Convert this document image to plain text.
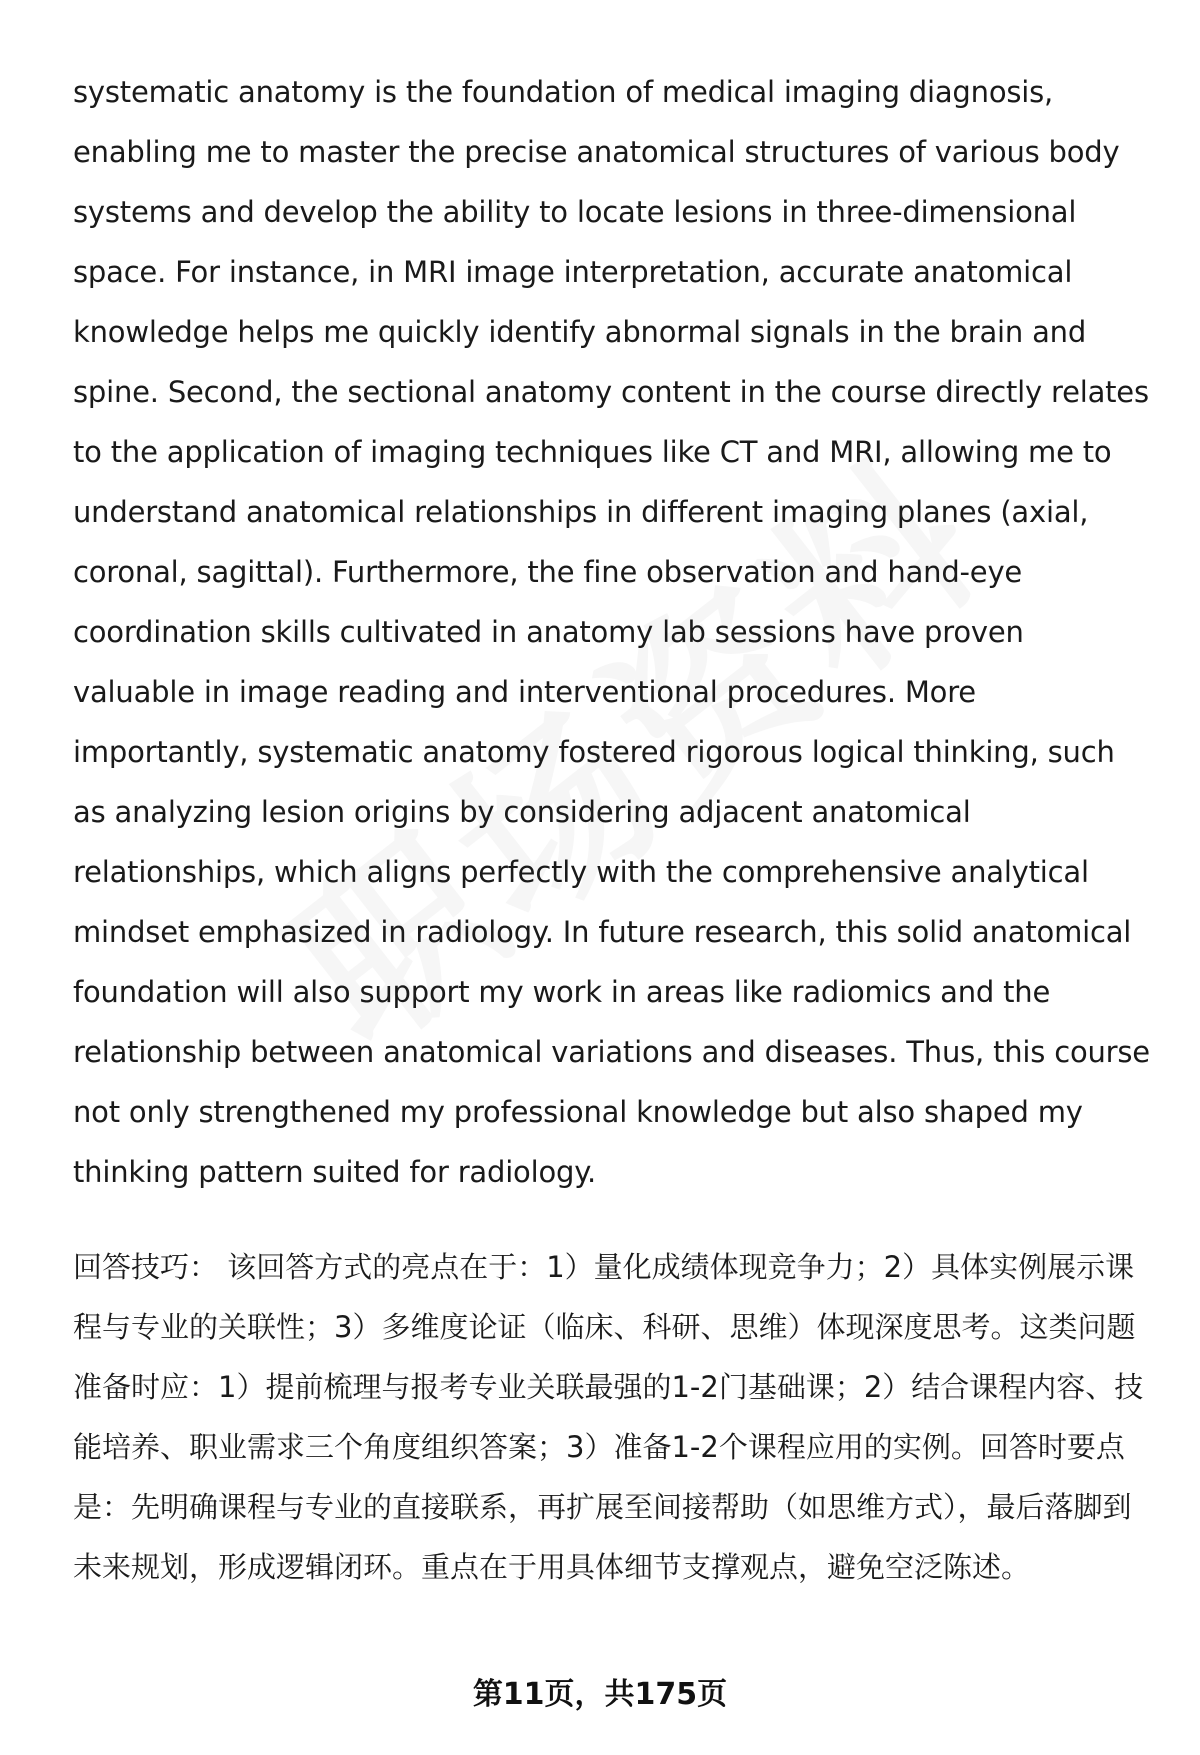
systematic anatomy is the foundation of medical imaging diagnosis, enabling me to master the precise anatomical structures of various body systems and develop the ability to locate lesions in three-dimensional space. For instance, in MRI image interpretation, accurate anatomical knowledge helps me quickly identify abnormal signals in the brain and spine. Second, the sectional anatomy content in the course directly relates to the application of imaging techniques like CT and MRI, allowing me to understand anatomical relationships in different imaging planes (axial, coronal, sagittal). Furthermore, the fine observation and hand-eye coordination skills cultivated in anatomy lab sessions have proven valuable in image reading and interventional procedures. More importantly, systematic anatomy fostered rigorous logical thinking, such as analyzing lesion origins by considering adjacent anatomical relationships, which aligns perfectly with the comprehensive analytical mindset emphasized in radiology. In future research, this solid anatomical foundation will also support my work in areas like radiomics and the relationship between anatomical variations and diseases. Thus, this course not only strengthened my professional knowledge but also shaped my thinking pattern suited for radiology.

回答技巧： 该回答方式的亮点在于：1）量化成绩体现竞争力；2）具体实例展示课程与专业的关联性；3）多维度论证（临床、科研、思维）体现深度思考。这类问题准备时应：1）提前梳理与报考专业关联最强的1-2门基础课；2）结合课程内容、技能培养、职业需求三个角度组织答案；3）准备1-2个课程应用的实例。回答时要点是：先明确课程与专业的直接联系，再扩展至间接帮助（如思维方式），最后落脚到未来规划，形成逻辑闭环。重点在于用具体细节支撑观点，避免空泛陈述。

第11页，共175页
